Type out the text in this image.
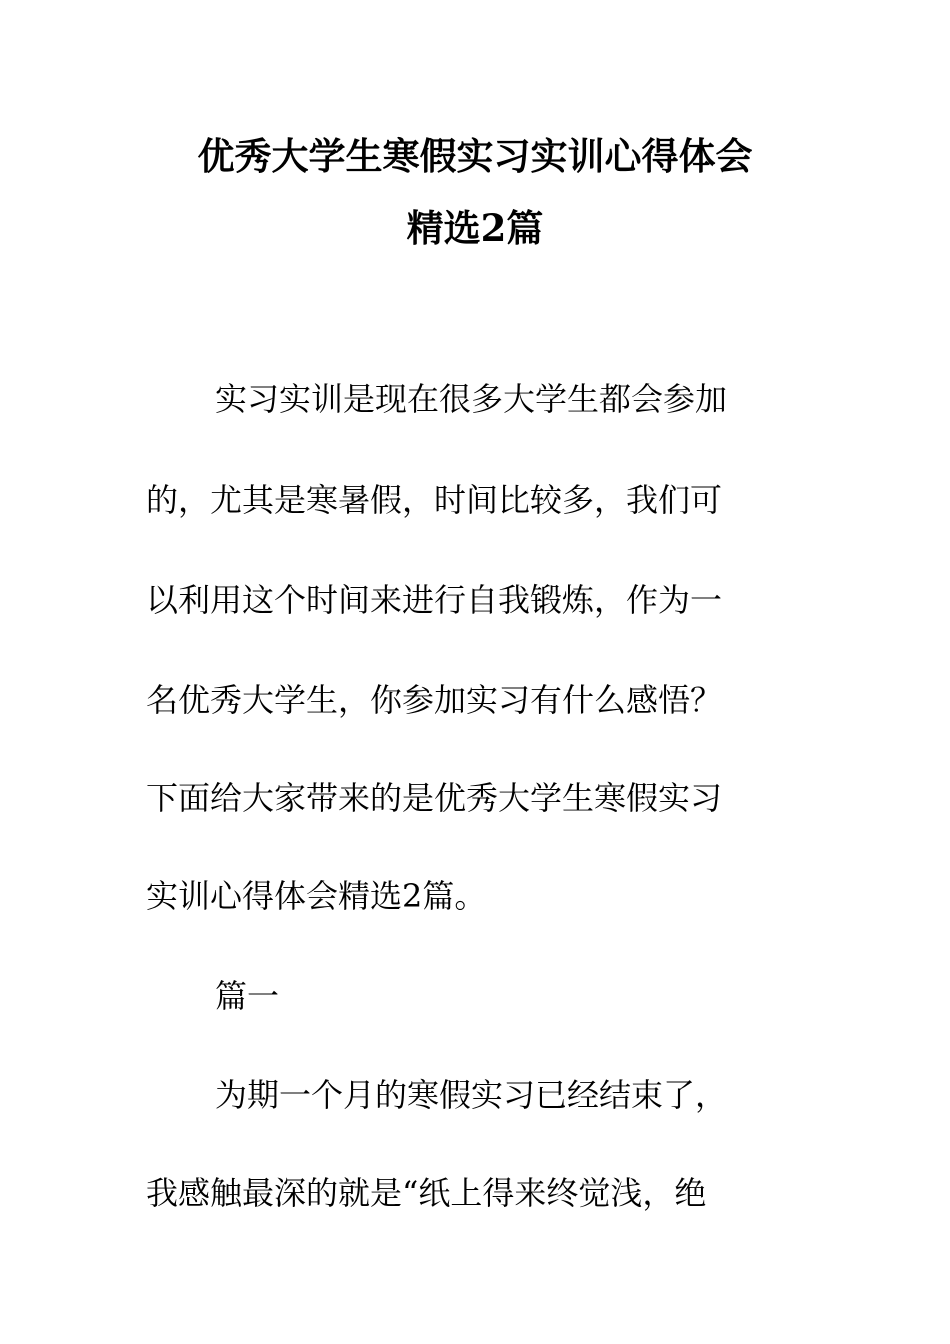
优秀大学生寒假实习实训心得体会
精选2篇
实习实训是现在很多大学生都会参加
的，尤其是寒暑假，时间比较多，我们可
以利用这个时间来进行自我锻炼，作为一
名优秀大学生，你参加实习有什么感悟？
下面给大家带来的是优秀大学生寒假实习
实训心得体会精选2篇。
篇一
为期一个月的寒假实习已经结束了，
我感触最深的就是“纸上得来终觉浅，绝
